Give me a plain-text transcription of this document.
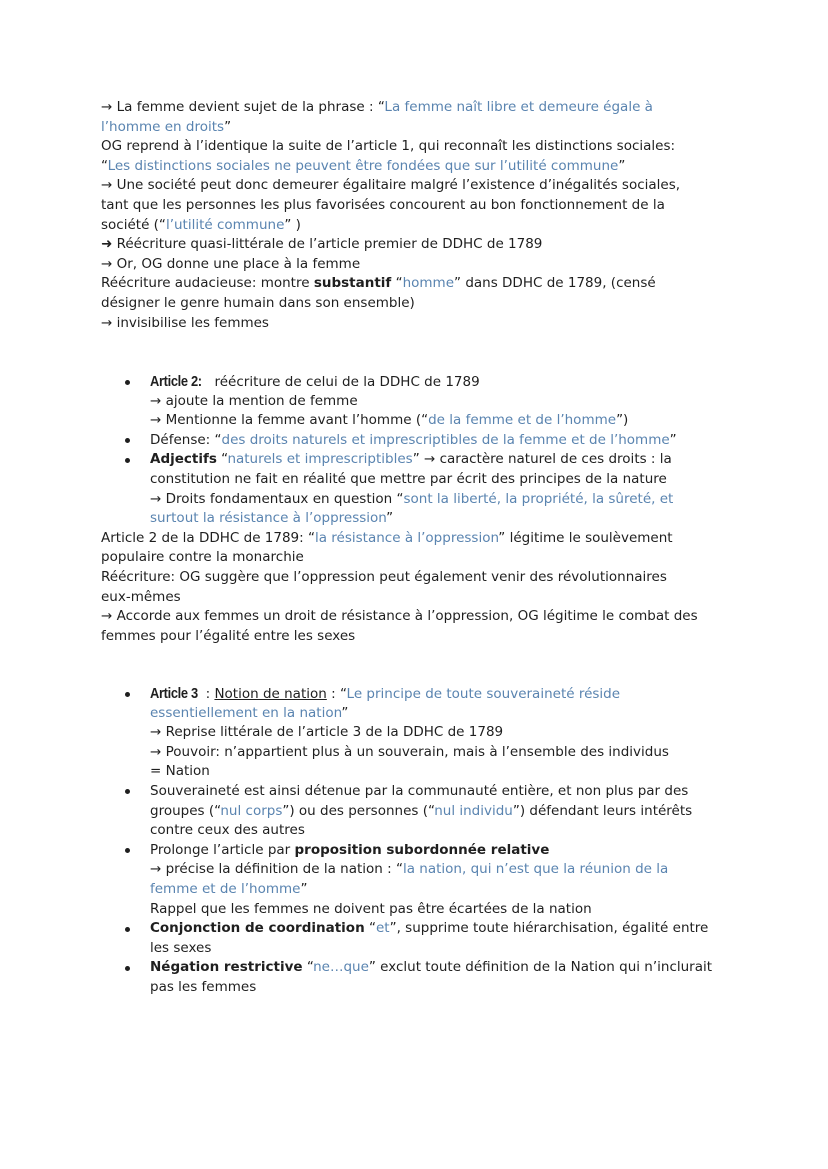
→ La femme devient sujet de la phrase : “La femme naît libre et demeure égale à
l’homme en droits”
OG reprend à l’identique la suite de l’article 1, qui reconnaît les distinctions sociales:
“Les distinctions sociales ne peuvent être fondées que sur l’utilité commune”
→ Une société peut donc demeurer égalitaire malgré l’existence d’inégalités sociales,
tant que les personnes les plus favorisées concourent au bon fonctionnement de la
société (“l’utilité commune” )
➜ Réécriture quasi-littérale de l’article premier de DDHC de 1789
→ Or, OG donne une place à la femme
Réécriture audacieuse: montre substantif “homme” dans DDHC de 1789, (censé
désigner le genre humain dans son ensemble)
→ invisibilise les femmes
Article 2: réécriture de celui de la DDHC de 1789
→ ajoute la mention de femme
→ Mentionne la femme avant l’homme (“de la femme et de l’homme”)
Défense: “des droits naturels et imprescriptibles de la femme et de l’homme”
Adjectifs “naturels et imprescriptibles” → caractère naturel de ces droits : la
constitution ne fait en réalité que mettre par écrit des principes de la nature
→ Droits fondamentaux en question “sont la liberté, la propriété, la sûreté, et
surtout la résistance à l’oppression”
Article 2 de la DDHC de 1789: “la résistance à l’oppression” légitime le soulèvement
populaire contre la monarchie
Réécriture: OG suggère que l’oppression peut également venir des révolutionnaires
eux-mêmes
→ Accorde aux femmes un droit de résistance à l’oppression, OG légitime le combat des
femmes pour l’égalité entre les sexes
Article 3 : Notion de nation : “Le principe de toute souveraineté réside
essentiellement en la nation”
→ Reprise littérale de l’article 3 de la DDHC de 1789
→ Pouvoir: n’appartient plus à un souverain, mais à l’ensemble des individus
= Nation
Souveraineté est ainsi détenue par la communauté entière, et non plus par des
groupes (“nul corps”) ou des personnes (“nul individu”) défendant leurs intérêts
contre ceux des autres
Prolonge l’article par proposition subordonnée relative
→ précise la définition de la nation : “la nation, qui n’est que la réunion de la
femme et de l’homme”
Rappel que les femmes ne doivent pas être écartées de la nation
Conjonction de coordination “et”, supprime toute hiérarchisation, égalité entre
les sexes
Négation restrictive “ne…que” exclut toute définition de la Nation qui n’inclurait
pas les femmes
